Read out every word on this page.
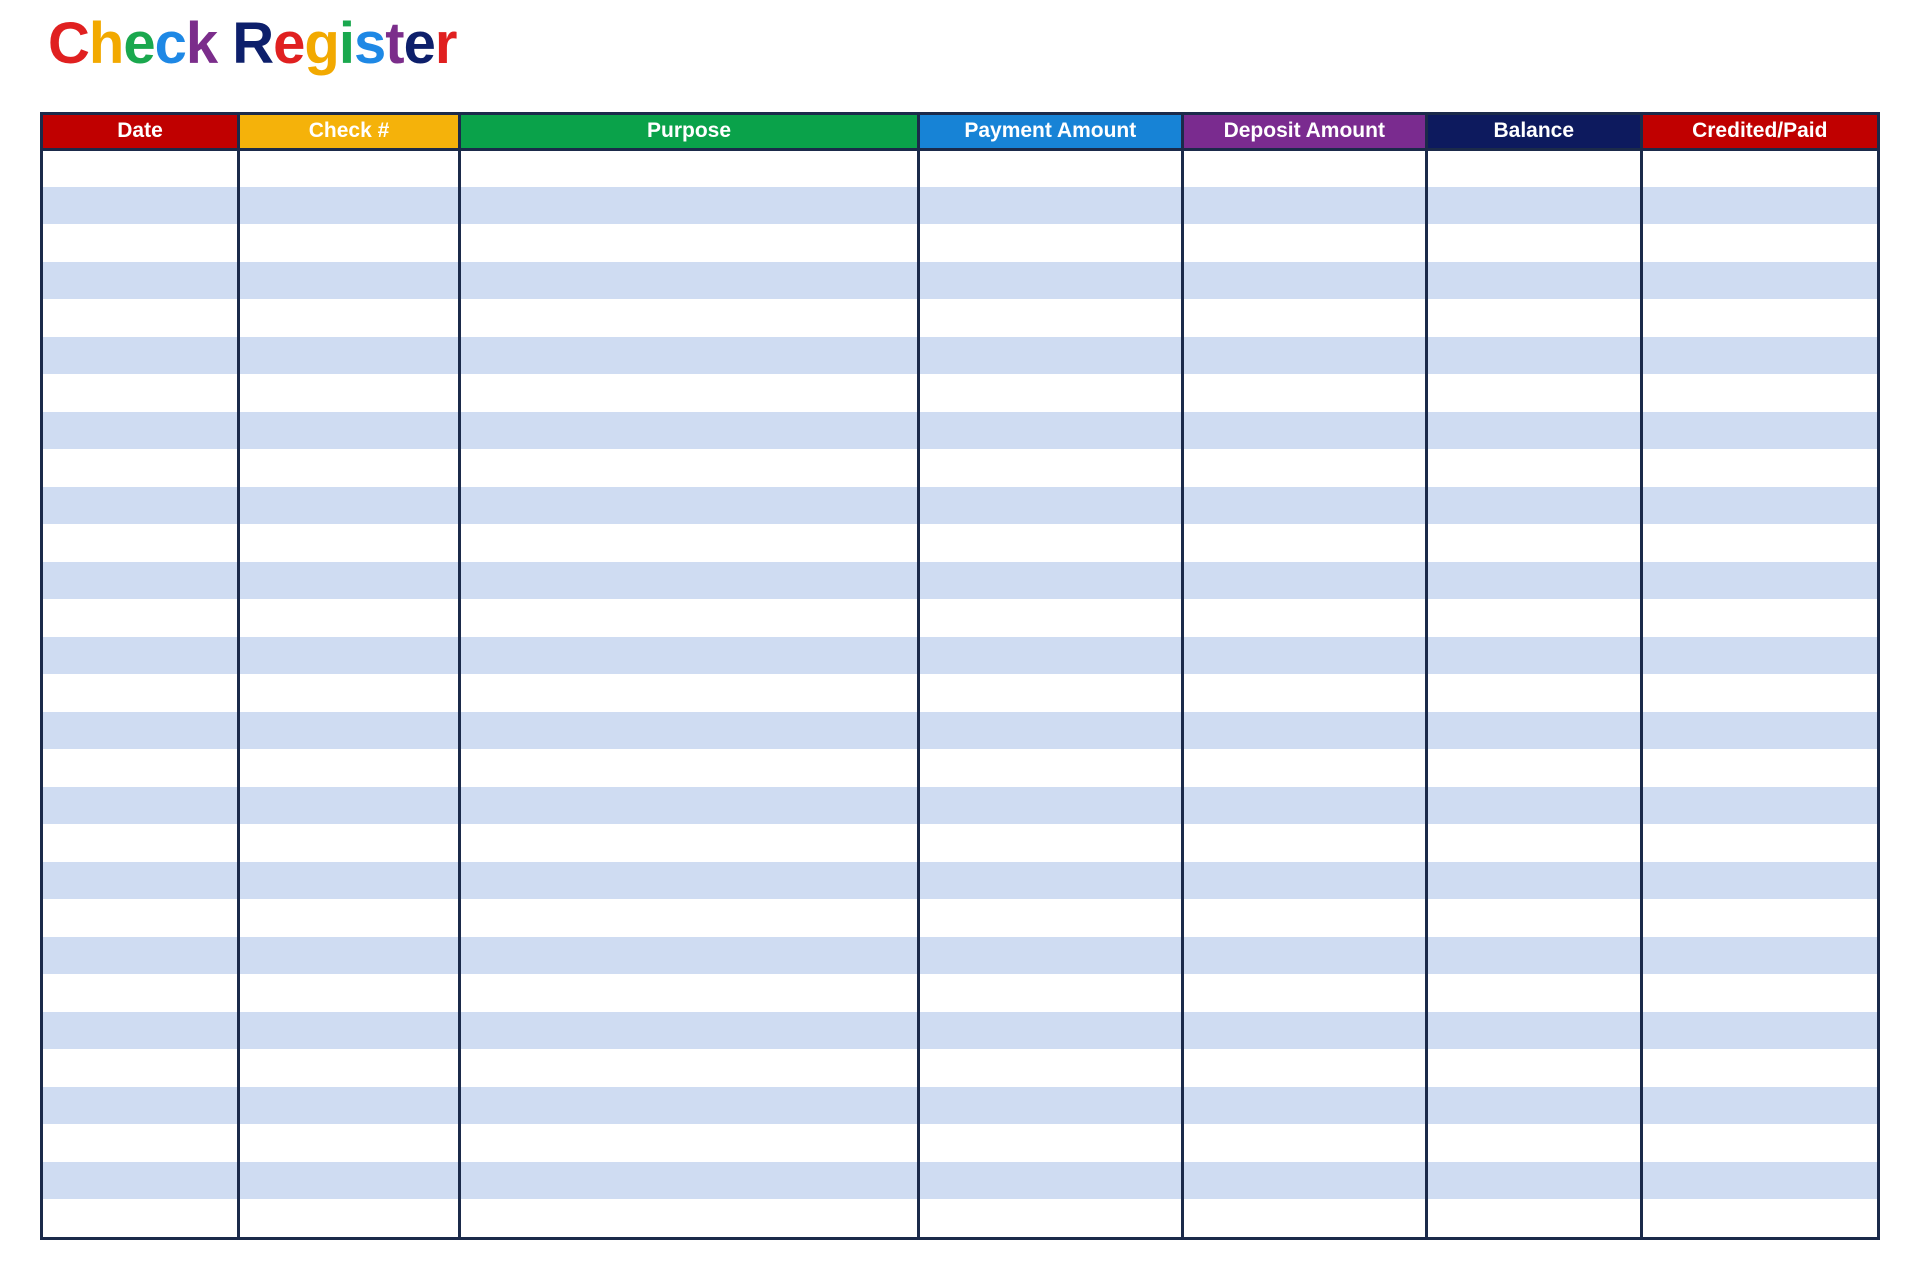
Check Register
Date	Check #	Purpose	Payment Amount	Deposit Amount	Balance	Credited/Paid
